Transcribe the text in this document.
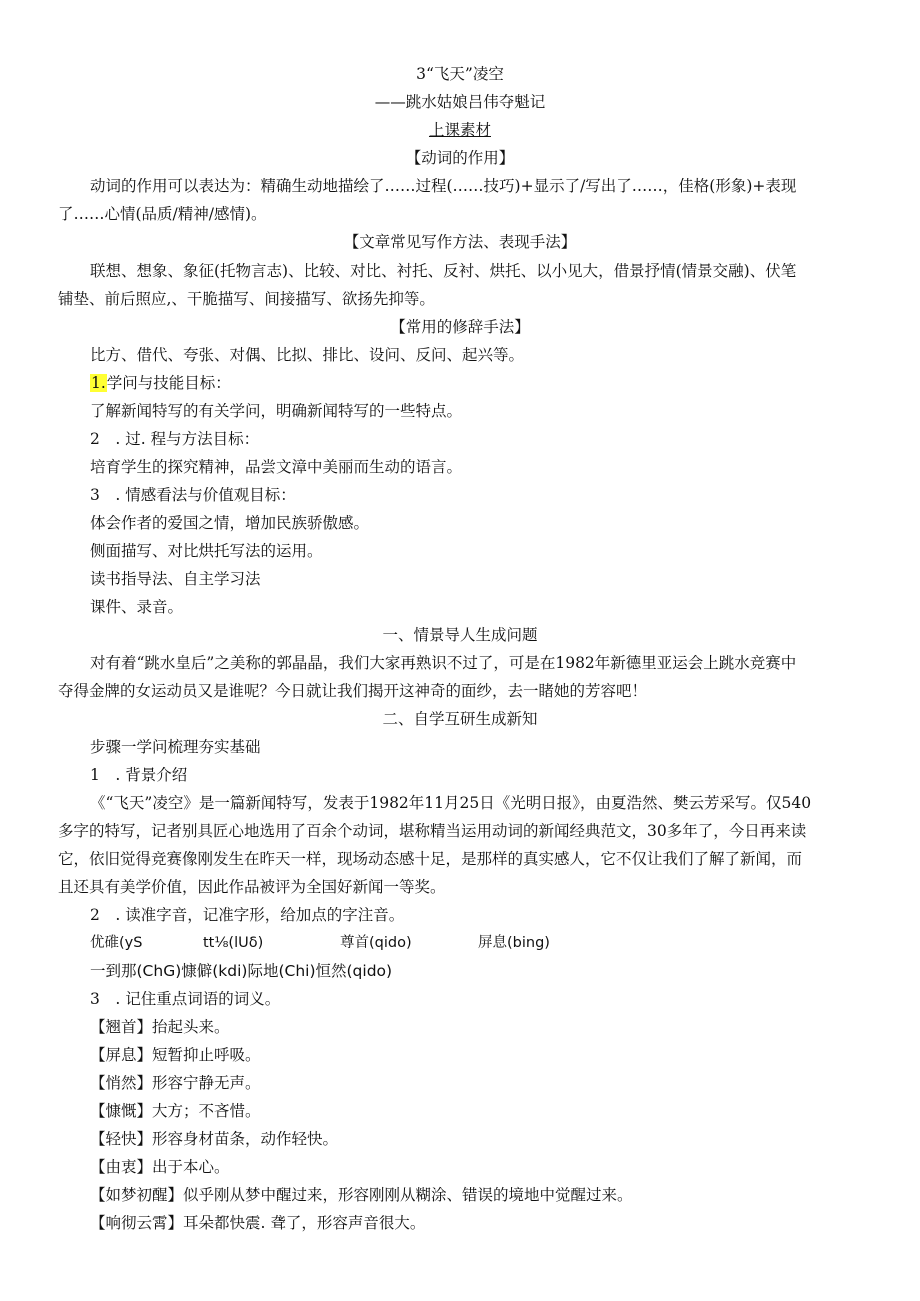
3“飞天”凌空
——跳水姑娘吕伟夺魁记
上课素材
【动词的作用】
动词的作用可以表达为：精确生动地描绘了……过程(……技巧)+显示了/写出了……，佳格(形象)+表现
了……心情(品质/精神/感情)。
【文章常见写作方法、表现手法】
联想、想象、象征(托物言志)、比较、对比、衬托、反衬、烘托、以小见大，借景抒情(情景交融)、伏笔
铺垫、前后照应,、干脆描写、间接描写、欲扬先抑等。
【常用的修辞手法】
比方、借代、夸张、对偶、比拟、排比、设问、反问、起兴等。
1.学问与技能目标：
了解新闻特写的有关学问，明确新闻特写的一些特点。
2　. 过. 程与方法目标：
培育学生的探究精神，品尝文漳中美丽而生动的语言。
3　. 情感看法与价值观目标：
体会作者的爱国之情，增加民族骄傲感。
侧面描写、对比烘托写法的运用。
读书指导法、自主学习法
课件、录音。
一、情景导人生成问题
对有着“跳水皇后”之美称的郭晶晶，我们大家再熟识不过了，可是在1982年新德里亚运会上跳水竞赛中
夺得金牌的女运动员又是谁呢？今日就让我们揭开这神奇的面纱，去一睹她的芳容吧！
二、自学互研生成新知
步骤一学问梳理夯实基础
1　. 背景介绍
《“飞天”凌空》是一篇新闻特写，发表于1982年11月25日《光明日报》，由夏浩然、樊云芳采写。仅540
多字的特写，记者别具匠心地选用了百余个动词，堪称精当运用动词的新闻经典范文，30多年了，今日再来读
它，依旧觉得竞赛像刚发生在昨天一样，现场动态感十足，是那样的真实感人，它不仅让我们了解了新闻，而
且还具有美学价值，因此作品被评为全国好新闻一等奖。
2　. 读准字音，记准字形，给加点的字注音。
优碓(yS	tt⅛(lUδ)	尊首(qido)	屏息(bing)
一到那(ChG)慷僻(kdi)际地(Chi)恒然(qido)
3　. 记住重点词语的词义。
【翘首】抬起头来。
【屏息】短暂抑止呼吸。
【悄然】形容宁静无声。
【慷慨】大方；不吝惜。
【轻快】形容身材苗条，动作轻快。
【由衷】出于本心。
【如梦初醒】似乎刚从梦中醒过来，形容刚刚从糊涂、错误的境地中觉醒过来。
【响彻云霄】耳朵都快震. 聋了，形容声音很大。
